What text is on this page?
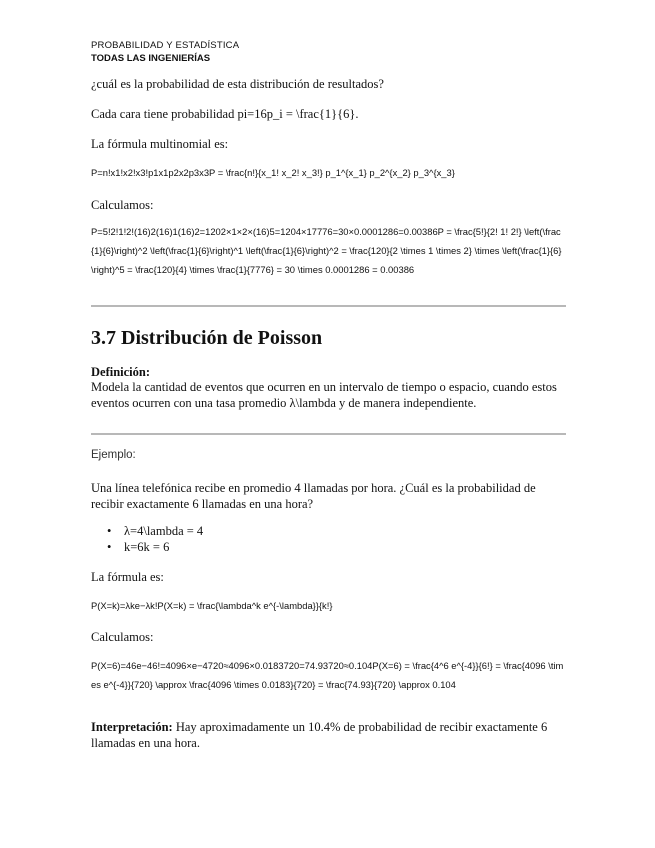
PROBABILIDAD Y ESTADÍSTICA
TODAS LAS INGENIERÍAS
¿cuál es la probabilidad de esta distribución de resultados?
Cada cara tiene probabilidad pi=16p_i = \frac{1}{6}.
La fórmula multinomial es:
P=n!x1!x2!x3!p1x1p2x2p3x3P = \frac{n!}{x_1! x_2! x_3!} p_1^{x_1} p_2^{x_2} p_3^{x_3}
Calculamos:
P=5!2!1!2!(16)2(16)1(16)2=1202×1×2×(16)5=1204×17776=30×0.0001286=0.00386P = \frac{5!}{2! 1! 2!} \left(\frac{1}{6}\right)^2 \left(\frac{1}{6}\right)^1 \left(\frac{1}{6}\right)^2 = \frac{120}{2 \times 1 \times 2} \times \left(\frac{1}{6}\right)^5 = \frac{120}{4} \times \frac{1}{7776} = 30 \times 0.0001286 = 0.00386
3.7 Distribución de Poisson
Definición:
Modela la cantidad de eventos que ocurren en un intervalo de tiempo o espacio, cuando estos eventos ocurren con una tasa promedio λ\lambda y de manera independiente.
Ejemplo:
Una línea telefónica recibe en promedio 4 llamadas por hora. ¿Cuál es la probabilidad de recibir exactamente 6 llamadas en una hora?
• λ=4\lambda = 4
• k=6k = 6
La fórmula es:
P(X=k)=λke−λk!P(X=k) = \frac{\lambda^k e^{-\lambda}}{k!}
Calculamos:
P(X=6)=46e−46!=4096×e−4720≈4096×0.0183720=74.93720≈0.104P(X=6) = \frac{4^6 e^{-4}}{6!} = \frac{4096 \times e^{-4}}{720} \approx \frac{4096 \times 0.0183}{720} = \frac{74.93}{720} \approx 0.104
Interpretación: Hay aproximadamente un 10.4% de probabilidad de recibir exactamente 6 llamadas en una hora.
